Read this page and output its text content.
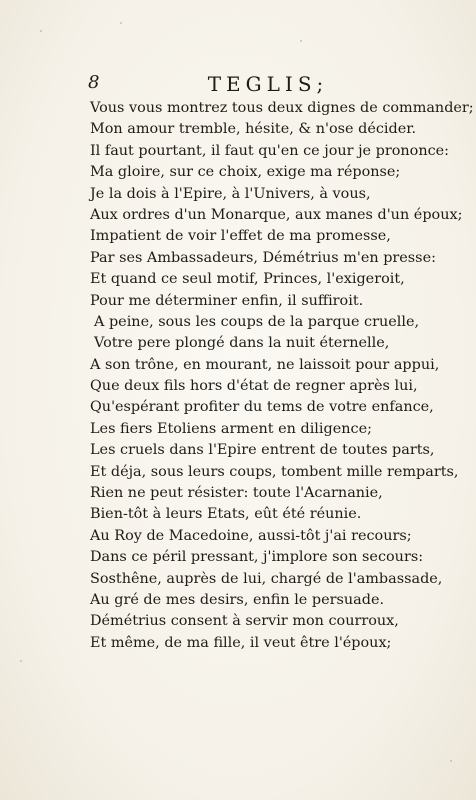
8	TEGLIS;
Vous vous montrez tous deux dignes de commander;
Mon amour tremble, hésite, & n'ose décider.
Il faut pourtant, il faut qu'en ce jour je prononce:
Ma gloire, sur ce choix, exige ma réponse;
Je la dois à l'Epire, à l'Univers, à vous,
Aux ordres d'un Monarque, aux manes d'un époux;
Impatient de voir l'effet de ma promesse,
Par ses Ambassadeurs, Démétrius m'en presse:
Et quand ce seul motif, Princes, l'exigeroit,
Pour me déterminer enfin, il suffiroit.
A peine, sous les coups de la parque cruelle,
Votre pere plongé dans la nuit éternelle,
A son trône, en mourant, ne laissoit pour appui,
Que deux fils hors d'état de regner après lui,
Qu'espérant profiter du tems de votre enfance,
Les fiers Etoliens arment en diligence;
Les cruels dans l'Epire entrent de toutes parts,
Et déja, sous leurs coups, tombent mille remparts,
Rien ne peut résister: toute l'Acarnanie,
Bien-tôt à leurs Etats, eût été réunie.
Au Roy de Macedoine, aussi-tôt j'ai recours;
Dans ce péril pressant, j'implore son secours:
Sosthêne, auprès de lui, chargé de l'ambassade,
Au gré de mes desirs, enfin le persuade.
Démétrius consent à servir mon courroux,
Et même, de ma fille, il veut être l'époux;
